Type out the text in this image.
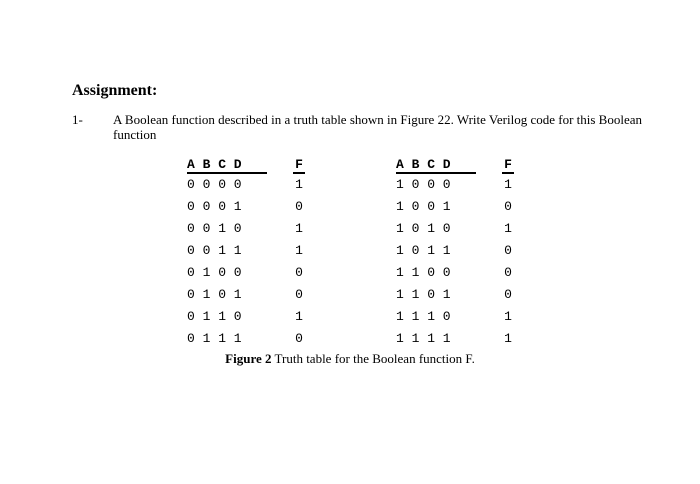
Assignment:
1- A Boolean function described in a truth table shown in Figure 22. Write Verilog code for this Boolean function
A B C D	F
0 0 0 0	1
0 0 0 1	0
0 0 1 0	1
0 0 1 1	1
0 1 0 0	0
0 1 0 1	0
0 1 1 0	1
0 1 1 1	0
A B C D	F
1 0 0 0	1
1 0 0 1	0
1 0 1 0	1
1 0 1 1	0
1 1 0 0	0
1 1 0 1	0
1 1 1 0	1
1 1 1 1	1
Figure 2 Truth table for the Boolean function F.
